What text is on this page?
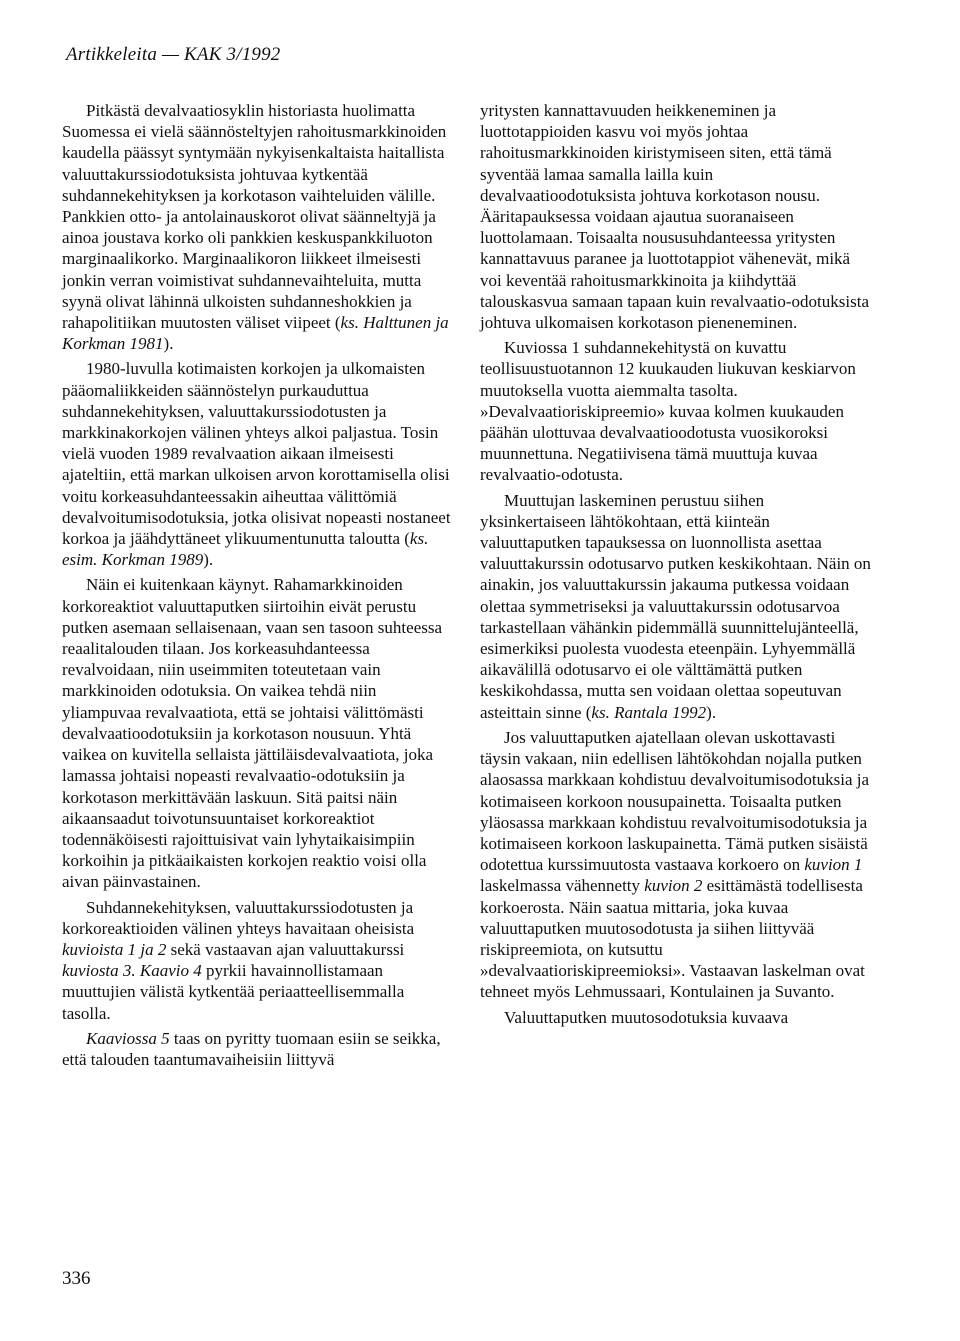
Artikkeleita — KAK 3/1992

Pitkästä devalvaatiosyklin historiasta huolimatta Suomessa ei vielä säännösteltyjen rahoitusmarkkinoiden kaudella päässyt syntymään nykyisenkaltaista haitallista valuuttakurssiodotuksista johtuvaa kytkentää suhdannekehityksen ja korkotason vaihteluiden välille. Pankkien otto- ja antolainauskorot olivat säänneltyjä ja ainoa joustava korko oli pankkien keskuspankkiluoton marginaalikorko. Marginaalikoron liikkeet ilmeisesti jonkin verran voimistivat suhdannevaihteluita, mutta syynä olivat lähinnä ulkoisten suhdanneshokkien ja rahapolitiikan muutosten väliset viipeet (ks. Halttunen ja Korkman 1981).

1980-luvulla kotimaisten korkojen ja ulkomaisten pääomaliikkeiden säännöstelyn purkauduttua suhdannekehityksen, valuuttakurssiodotusten ja markkinakorkojen välinen yhteys alkoi paljastua. Tosin vielä vuoden 1989 revalvaation aikaan ilmeisesti ajateltiin, että markan ulkoisen arvon korottamisella olisi voitu korkeasuhdanteessakin aiheuttaa välittömiä devalvoitumisodotuksia, jotka olisivat nopeasti nostaneet korkoa ja jäähdyttäneet ylikuumentunutta taloutta (ks. esim. Korkman 1989).

Näin ei kuitenkaan käynyt. Rahamarkkinoiden korkoreaktiot valuuttaputken siirtoihin eivät perustu putken asemaan sellaisenaan, vaan sen tasoon suhteessa reaalitalouden tilaan. Jos korkeasuhdanteessa revalvoidaan, niin useimmiten toteutetaan vain markkinoiden odotuksia. On vaikea tehdä niin yliampuvaa revalvaatiota, että se johtaisi välittömästi devalvaatioodotuksiin ja korkotason nousuun. Yhtä vaikea on kuvitella sellaista jättiläisdevalvaatiota, joka lamassa johtaisi nopeasti revalvaatio-odotuksiin ja korkotason merkittävään laskuun. Sitä paitsi näin aikaansaadut toivotunsuuntaiset korkoreaktiot todennäköisesti rajoittuisivat vain lyhytaikaisimpiin korkoihin ja pitkäaikaisten korkojen reaktio voisi olla aivan päinvastainen.

Suhdannekehityksen, valuuttakurssiodotusten ja korkoreaktioiden välinen yhteys havaitaan oheisista kuvioista 1 ja 2 sekä vastaavan ajan valuuttakurssi kuviosta 3. Kaavio 4 pyrkii havainnollistamaan muuttujien välistä kytkentää periaatteellisemmalla tasolla.

Kaaviossa 5 taas on pyritty tuomaan esiin se seikka, että talouden taantumavaiheisiin liittyvä

yritysten kannattavuuden heikkeneminen ja luottotappioiden kasvu voi myös johtaa rahoitusmarkkinoiden kiristymiseen siten, että tämä syventää lamaa samalla lailla kuin devalvaatioodotuksista johtuva korkotason nousu. Ääritapauksessa voidaan ajautua suoranaiseen luottolamaan. Toisaalta noususuhdanteessa yritysten kannattavuus paranee ja luottotappiot vähenevät, mikä voi keventää rahoitusmarkkinoita ja kiihdyttää talouskasvua samaan tapaan kuin revalvaatio-odotuksista johtuva ulkomaisen korkotason pieneneminen.

Kuviossa 1 suhdannekehitystä on kuvattu teollisuustuotannon 12 kuukauden liukuvan keskiarvon muutoksella vuotta aiemmalta tasolta. »Devalvaatioriskipreemio» kuvaa kolmen kuukauden päähän ulottuvaa devalvaatioodotusta vuosikoroksi muunnettuna. Negatiivisena tämä muuttuja kuvaa revalvaatio-odotusta.

Muuttujan laskeminen perustuu siihen yksinkertaiseen lähtökohtaan, että kiinteän valuuttaputken tapauksessa on luonnollista asettaa valuuttakurssin odotusarvo putken keskikohtaan. Näin on ainakin, jos valuuttakurssin jakauma putkessa voidaan olettaa symmetriseksi ja valuuttakurssin odotusarvoa tarkastellaan vähänkin pidemmällä suunnittelujänteellä, esimerkiksi puolesta vuodesta eteenpäin. Lyhyemmällä aikavälillä odotusarvo ei ole välttämättä putken keskikohdassa, mutta sen voidaan olettaa sopeutuvan asteittain sinne (ks. Rantala 1992).

Jos valuuttaputken ajatellaan olevan uskottavasti täysin vakaan, niin edellisen lähtökohdan nojalla putken alaosassa markkaan kohdistuu devalvoitumisodotuksia ja kotimaiseen korkoon nousupainetta. Toisaalta putken yläosassa markkaan kohdistuu revalvoitumisodotuksia ja kotimaiseen korkoon laskupainetta. Tämä putken sisäistä odotettua kurssimuutosta vastaava korkoero on kuvion 1 laskelmassa vähennetty kuvion 2 esittämästä todellisesta korkoerosta. Näin saatua mittaria, joka kuvaa valuuttaputken muutosodotusta ja siihen liittyvää riskipreemiota, on kutsuttu »devalvaatioriskipreemioksi». Vastaavan laskelman ovat tehneet myös Lehmussaari, Kontulainen ja Suvanto.

Valuuttaputken muutosodotuksia kuvaava

336
